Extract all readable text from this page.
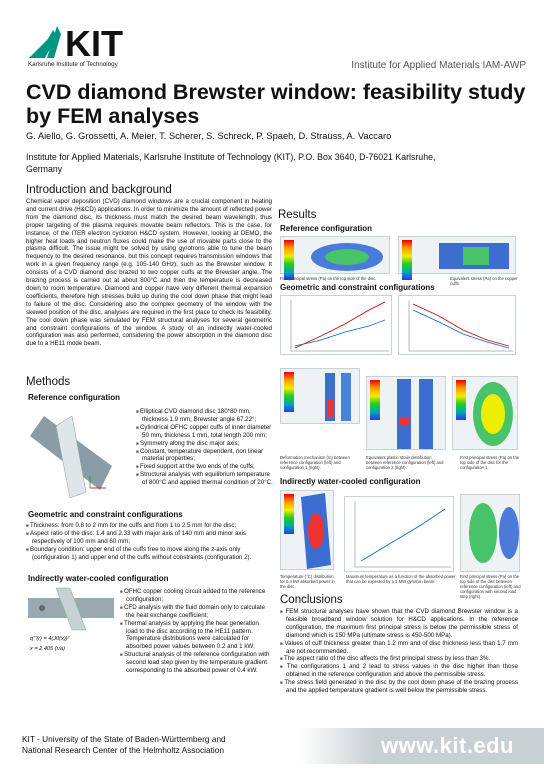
KIT
Karlsruhe Institute of Technology	Institute for Applied Materials IAM-AWP
CVD diamond Brewster window: feasibility study by FEM analyses
G. Aiello, G. Grossetti, A. Meier, T. Scherer, S. Schreck, P. Spaeh, D. Strauss, A. Vaccaro
Institute for Applied Materials, Karlsruhe Institute of Technology (KIT), P.O. Box 3640, D-76021 Karlsruhe, Germany
Introduction and background
Chemical vapor deposition (CVD) diamond windows are a crucial component in heating and current drive (H&CD) applications. In order to minimize the amount of reflected power from the diamond disc, its thickness must match the desired beam wavelength, thus proper targeting of the plasma requires movable beam reflectors. This is the case, for instance, of the ITER electron cyclotron H&CD system. However, looking at DEMO, the higher heat loads and neutron fluxes could make the use of movable parts close to the plasma difficult. The issue might be solved by using gyrotrons able to tune the beam frequency to the desired resonance, but this concept requires transmission windows that work in a given frequency range (e.g. 105-140 GHz), such as the Brewster window. It consists of a CVD diamond disc brazed to two copper cuffs at the Brewster angle. The brazing process is carried out at about 800°C and then the temperature is decreased down to room temperature. Diamond and copper have very different thermal expansion coefficients, therefore high stresses build up during the cool down phase that might lead to failure of the disc. Considering also the complex geometry of the window with the skewed position of the disc, analyses are required in the first place to check its feasibility. The cool down phase was simulated by FEM structural analyses for several geometric and constraint configurations of the window. A study of an indirectly water-cooled configuration was also performed, considering the power absorption in the diamond disc due to a HE11 mode beam.
Methods
Reference configuration
■ Elliptical CVD diamond disc 180*80 mm, thickness 1.9 mm, Brewster angle 67.22°;
■ Cylindrical OFHC copper cuffs of inner diameter 50 mm, thickness 1 mm, total length 200 mm;
■ Symmetry along the disc major axis;
■ Constant, temperature dependent, non linear material properties;
■ Fixed support at the two ends of the cuffs;
■ Structural analysis with equilibrium temperature of 800°C and applied thermal condition of 20°C.
Geometric and constraint configurations
■ Thickness: from 0.8 to 2 mm for the cuffs and from 1 to 2.5 mm for the disc;
■ Aspect ratio of the disc: 1.4 and 2.33 with major axis of 140 mm and minor axis respectively of 100 mm and 60 mm;
■ Boundary condition: upper end of the cuffs free to move along the z-axis only (configuration 1) and upper end of the cuffs without constraints (configuration 2).
Indirectly water-cooled configuration
q'''(r) = 4(J0(x))²
x = 2.405 (r/a)
■ OFHC copper cooling circuit added to the reference configuration;
■ CFD analysis with the fluid domain only to calculate the heat exchange coefficient;
■ Thermal analysis by applying the heat generation load to the disc according to the HE11 pattern. Temperature distributions were calculated for absorbed power values between 0.2 and 1 kW;
■ Structural analysis of the reference configuration with second load step given by the temperature gradient corresponding to the absorbed power of 0.4 kW.
Results
Reference configuration
First principal stress (Pa) on the top side of the disc.	Equivalent stress (Pa) on the copper cuffs.
Geometric and constraint configurations
Deformation mechanism (m) between reference configuration (left) and configuration 1 (right).
Equivalent plastic strain distribution between reference configuration (left) and configuration 2 (right).
First principal stress (Pa) on the top side of the disc for the configuration 1.
Indirectly water-cooled configuration
Temperature (°C) distribution for 0.4 kW absorbed power in the disc.
Maximum temperature as a function of the absorbed power that can be expected by a 1 MW gyrotron beam.
First principal stress (Pa) on the top side of the disc between reference configuration (left) and configuration with second load step (right).
Conclusions
■ FEM structural analyses have shown that the CVD diamond Brewster window is a feasible broadband window solution for H&CD applications. In the reference configuration, the maximum first principal stress is below the permissible stress of diamond which is 150 MPa (ultimate stress is 450-500 MPa).
■ Values of cuff thickness greater than 1.2 mm and of disc thickness less than 1.7 mm are not recommended.
■ The aspect ratio of the disc affects the first principal stress by less than 3%.
■ The configurations 1 and 2 lead to stress values in the disc higher than those obtained in the reference configuration and above the permissible stress.
■ The stress field generated in the disc by the cool down phase of the brazing process and the applied temperature gradient is well below the permissible stress.
KIT - University of the State of Baden-Württemberg and
National Research Center of the Helmholtz Association	www.kit.edu
